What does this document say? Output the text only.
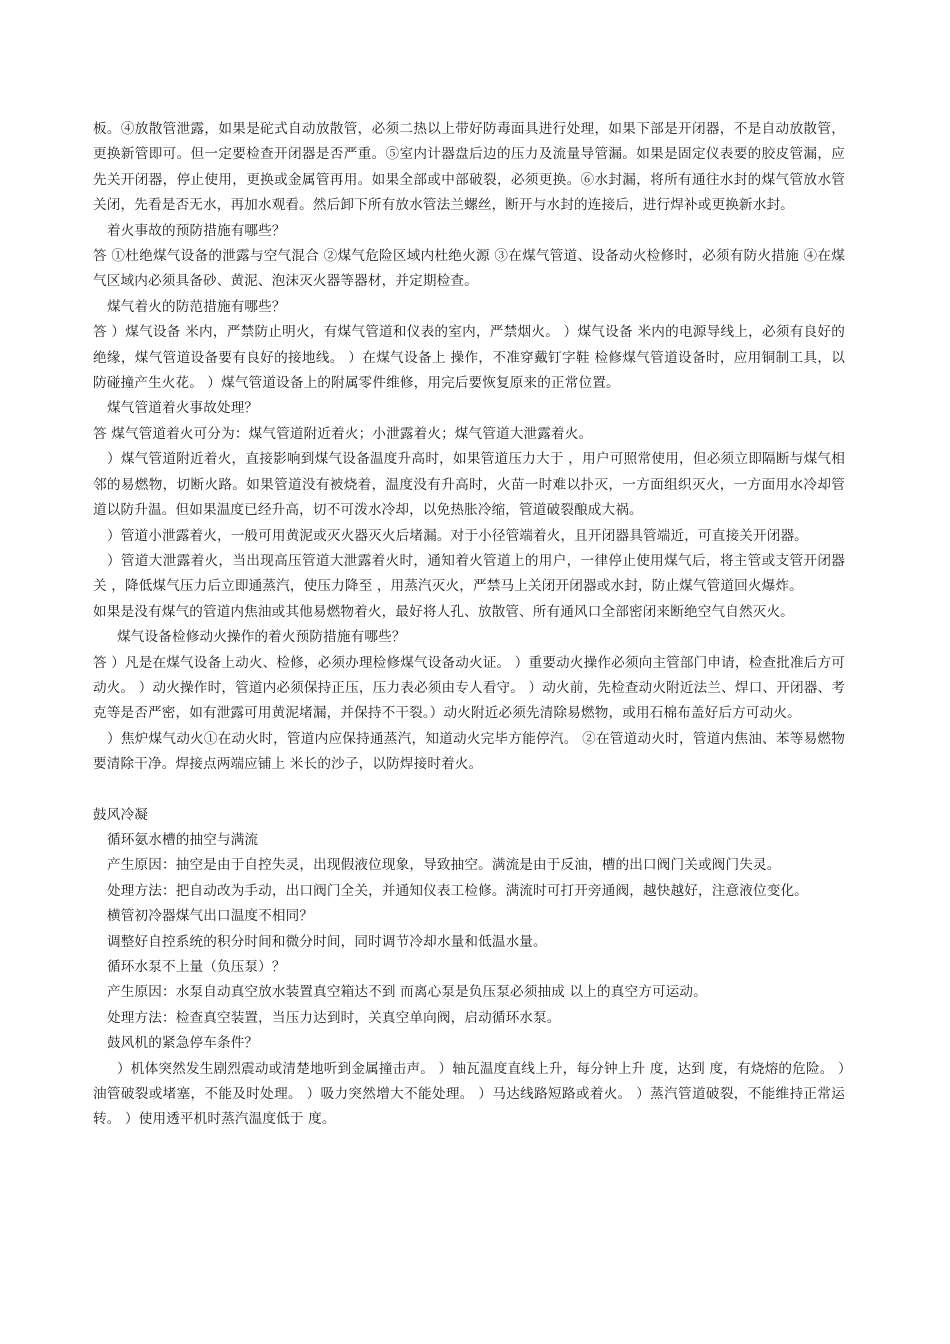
板。④放散管泄露，如果是砣式自动放散管，必须二热以上带好防毒面具进行处理，如果下部是开闭器，不是自动放散管，更换新管即可。但一定要检查开闭器是否严重。⑤室内计器盘后边的压力及流量导管漏。如果是固定仪表要的胶皮管漏，应先关开闭器，停止使用，更换或金属管再用。如果全部或中部破裂，必须更换。⑥水封漏，将所有通往水封的煤气管放水管关闭，先看是否无水，再加水观看。然后卸下所有放水管法兰螺丝，断开与水封的连接后，进行焊补或更换新水封。

着火事故的预防措施有哪些？

答 ①杜绝煤气设备的泄露与空气混合 ②煤气危险区域内杜绝火源 ③在煤气管道、设备动火检修时，必须有防火措施 ④在煤气区域内必须具备砂、黄泥、泡沫灭火器等器材，并定期检查。

煤气着火的防范措施有哪些？

答 ）煤气设备 米内，严禁防止明火，有煤气管道和仪表的室内，严禁烟火。 ）煤气设备 米内的电源导线上，必须有良好的绝缘，煤气管道设备要有良好的接地线。 ）在煤气设备上 操作，不准穿戴钉字鞋 检修煤气管道设备时，应用铜制工具，以防碰撞产生火花。 ）煤气管道设备上的附属零件维修，用完后要恢复原来的正常位置。

煤气管道着火事故处理？

答 煤气管道着火可分为：煤气管道附近着火；小泄露着火；煤气管道大泄露着火。

）煤气管道附近着火，直接影响到煤气设备温度升高时，如果管道压力大于 ，用户可照常使用，但必须立即隔断与煤气相邻的易燃物，切断火路。如果管道没有被烧着，温度没有升高时，火苗一时难以扑灭，一方面组织灭火，一方面用水冷却管道以防升温。但如果温度已经升高，切不可泼水冷却，以免热胀冷缩，管道破裂酿成大祸。

）管道小泄露着火，一般可用黄泥或灭火器灭火后堵漏。对于小径管端着火，且开闭器具管端近，可直接关开闭器。

）管道大泄露着火，当出现高压管道大泄露着火时，通知着火管道上的用户，一律停止使用煤气后，将主管或支管开闭器关 ，降低煤气压力后立即通蒸汽，使压力降至 ，用蒸汽灭火，严禁马上关闭开闭器或水封，防止煤气管道回火爆炸。

如果是没有煤气的管道内焦油或其他易燃物着火，最好将人孔、放散管、所有通风口全部密闭来断绝空气自然灭火。

煤气设备检修动火操作的着火预防措施有哪些？

答 ）凡是在煤气设备上动火、检修，必须办理检修煤气设备动火证。 ）重要动火操作必须向主管部门申请，检查批准后方可动火。 ）动火操作时，管道内必须保持正压，压力表必须由专人看守。 ）动火前，先检查动火附近法兰、焊口、开闭器、考克等是否严密，如有泄露可用黄泥堵漏，并保持不干裂。）动火附近必须先清除易燃物，或用石棉布盖好后方可动火。

）焦炉煤气动火①在动火时，管道内应保持通蒸汽，知道动火完毕方能停汽。 ②在管道动火时，管道内焦油、苯等易燃物要清除干净。焊接点两端应铺上 米长的沙子，以防焊接时着火。

鼓风冷凝

循环氨水槽的抽空与满流

产生原因：抽空是由于自控失灵，出现假液位现象，导致抽空。满流是由于反油，槽的出口阀门关或阀门失灵。

处理方法：把自动改为手动，出口阀门全关，并通知仪表工检修。满流时可打开旁通阀，越快越好，注意液位变化。

横管初冷器煤气出口温度不相同？

调整好自控系统的积分时间和微分时间，同时调节冷却水量和低温水量。

循环水泵不上量（负压泵）？

产生原因：水泵自动真空放水装置真空箱达不到 而离心泵是负压泵必须抽成 以上的真空方可运动。

处理方法：检查真空装置，当压力达到时，关真空单向阀，启动循环水泵。

鼓风机的紧急停车条件？

）机体突然发生剧烈震动或清楚地听到金属撞击声。 ）轴瓦温度直线上升，每分钟上升 度，达到 度，有烧熔的危险。 ）油管破裂或堵塞，不能及时处理。 ）吸力突然增大不能处理。 ）马达线路短路或着火。 ）蒸汽管道破裂，不能维持正常运转。 ）使用透平机时蒸汽温度低于 度。
